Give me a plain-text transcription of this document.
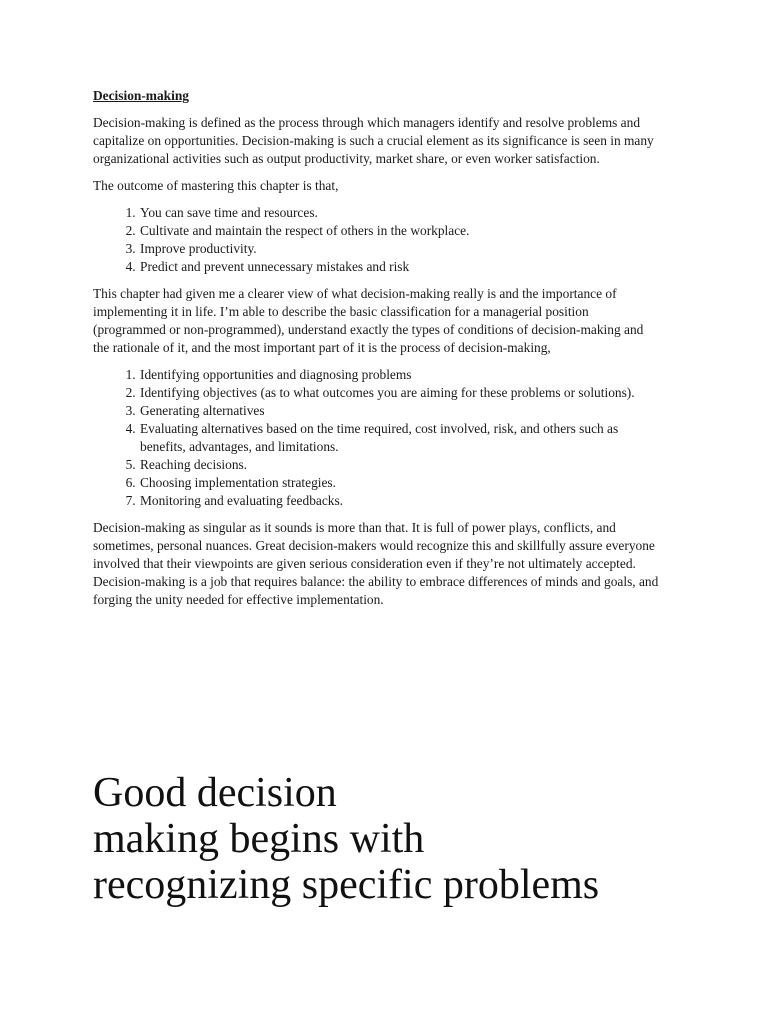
Decision-making

Decision-making is defined as the process through which managers identify and resolve problems and capitalize on opportunities. Decision-making is such a crucial element as its significance is seen in many organizational activities such as output productivity, market share, or even worker satisfaction.

The outcome of mastering this chapter is that,

1. You can save time and resources.
2. Cultivate and maintain the respect of others in the workplace.
3. Improve productivity.
4. Predict and prevent unnecessary mistakes and risk

This chapter had given me a clearer view of what decision-making really is and the importance of implementing it in life. I’m able to describe the basic classification for a managerial position (programmed or non-programmed), understand exactly the types of conditions of decision-making and the rationale of it, and the most important part of it is the process of decision-making,

1. Identifying opportunities and diagnosing problems
2. Identifying objectives (as to what outcomes you are aiming for these problems or solutions).
3. Generating alternatives
4. Evaluating alternatives based on the time required, cost involved, risk, and others such as benefits, advantages, and limitations.
5. Reaching decisions.
6. Choosing implementation strategies.
7. Monitoring and evaluating feedbacks.

Decision-making as singular as it sounds is more than that. It is full of power plays, conflicts, and sometimes, personal nuances. Great decision-makers would recognize this and skillfully assure everyone involved that their viewpoints are given serious consideration even if they’re not ultimately accepted. Decision-making is a job that requires balance: the ability to embrace differences of minds and goals, and forging the unity needed for effective implementation.

Good decision
making begins with
recognizing specific problems
